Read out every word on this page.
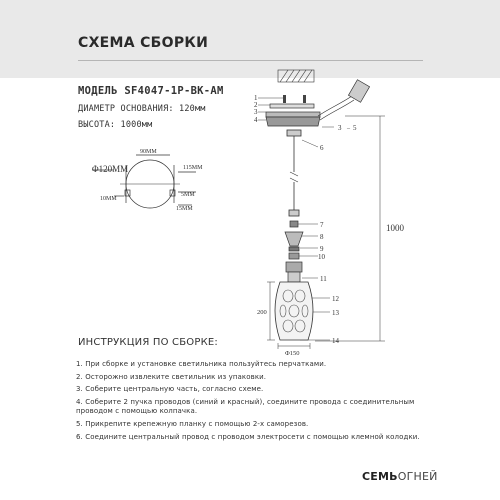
СХЕМА СБОРКИ
МОДЕЛЬ SF4047-1P-BK-AM
ДИАМЕТР ОСНОВАНИЯ: 120мм
ВЫСОТА: 1000мм
Φ120MM
90MM
115MM
5MM
15MM
10MM
1000
200
Φ150
1
2
3
4
3 – 5
6
7
8
9
10
11
12
13
14
ИНСТРУКЦИЯ ПО СБОРКЕ:
1. При сборке и установке светильника пользуйтесь перчатками.
2. Осторожно извлеките светильник из упаковки.
3. Соберите центральную часть, согласно схеме.
4. Соберите 2 пучка проводов (синий и красный), соедините провода с соединительным проводом с помощью колпачка.
5. Прикрепите крепежную планку с помощью 2-х саморезов.
6. Соедините центральный провод с проводом электросети с помощью клемной колодки.
СЕМЬОГНЕЙ
